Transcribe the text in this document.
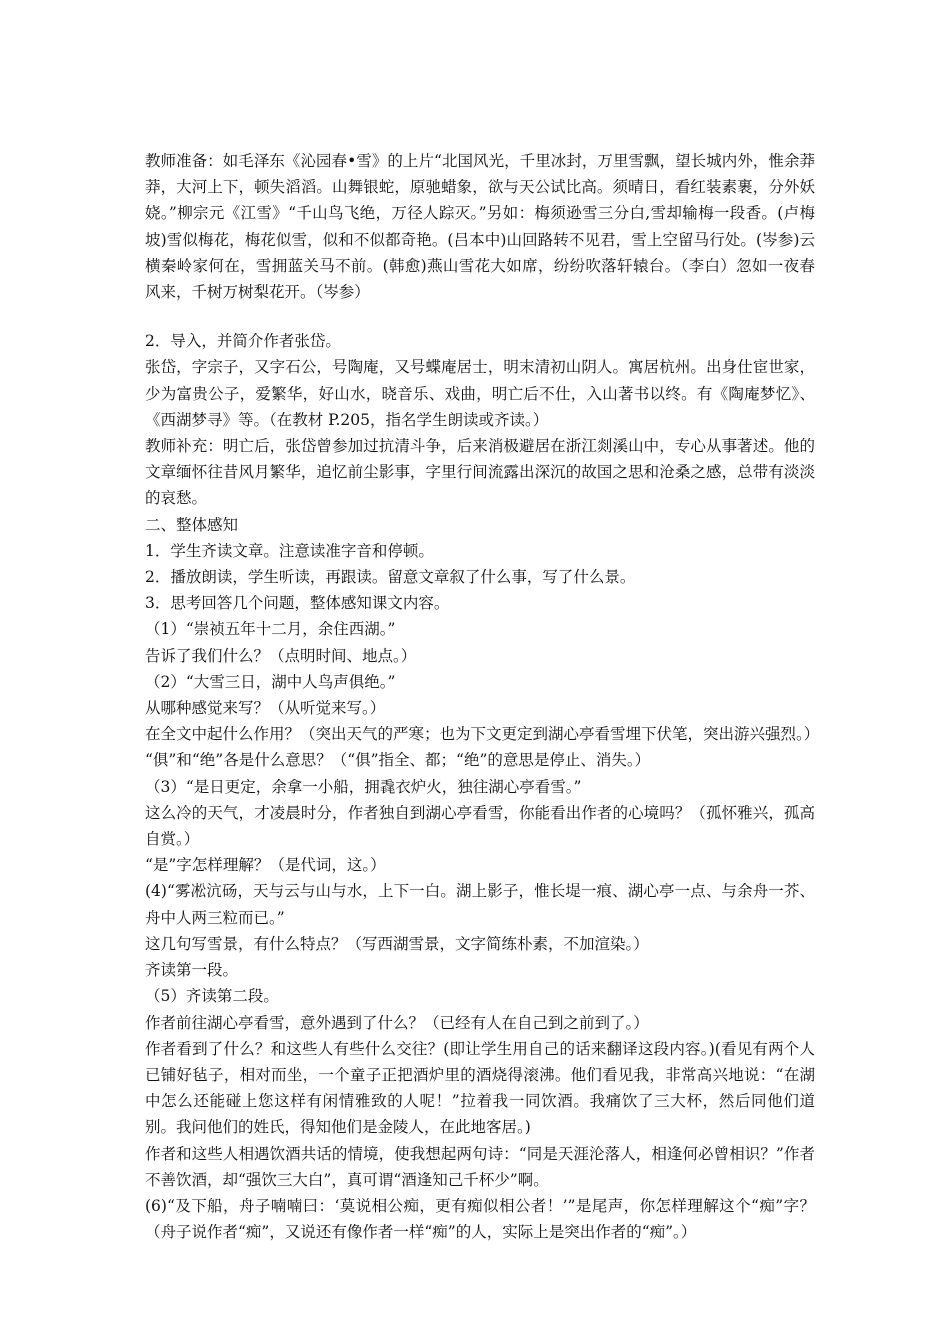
教师准备：如毛泽东《沁园春•雪》的上片“北国风光，千里冰封，万里雪飘，望长城内外，惟余莽莽，大河上下，顿失滔滔。山舞银蛇，原驰蜡象，欲与天公试比高。须晴日，看红装素裹，分外妖娆。”柳宗元《江雪》“千山鸟飞绝，万径人踪灭。”另如：梅须逊雪三分白,雪却输梅一段香。(卢梅坡)雪似梅花，梅花似雪，似和不似都奇艳。(吕本中)山回路转不见君，雪上空留马行处。(岑参)云横秦岭家何在，雪拥蓝关马不前。(韩愈)燕山雪花大如席，纷纷吹落轩辕台。（李白）忽如一夜春风来，千树万树梨花开。（岑参）

2．导入，并简介作者张岱。

张岱，字宗子，又字石公，号陶庵，又号蝶庵居士，明末清初山阴人。寓居杭州。出身仕宦世家，少为富贵公子，爱繁华，好山水，晓音乐、戏曲，明亡后不仕，入山著书以终。有《陶庵梦忆》、《西湖梦寻》等。（在教材 P.205，指名学生朗读或齐读。）

教师补充：明亡后，张岱曾参加过抗清斗争，后来消极避居在浙江剡溪山中，专心从事著述。他的文章缅怀往昔风月繁华，追忆前尘影事，字里行间流露出深沉的故国之思和沧桑之感，总带有淡淡的哀愁。

二、整体感知

1．学生齐读文章。注意读准字音和停顿。

2．播放朗读，学生听读，再跟读。留意文章叙了什么事，写了什么景。

3．思考回答几个问题，整体感知课文内容。

（1）“崇祯五年十二月，余住西湖。”

告诉了我们什么？（点明时间、地点。）

（2）“大雪三日，湖中人鸟声俱绝。”

从哪种感觉来写？（从听觉来写。）

在全文中起什么作用？（突出天气的严寒；也为下文更定到湖心亭看雪埋下伏笔，突出游兴强烈。）

“俱”和“绝”各是什么意思？（“俱”指全、都；“绝”的意思是停止、消失。）

（3）“是日更定，余拿一小船，拥毳衣炉火，独往湖心亭看雪。”

这么冷的天气，才凌晨时分，作者独自到湖心亭看雪，你能看出作者的心境吗？（孤怀雅兴，孤高自赏。）

“是”字怎样理解？（是代词，这。）

(4)“雾凇沆砀，天与云与山与水，上下一白。湖上影子，惟长堤一痕、湖心亭一点、与余舟一芥、舟中人两三粒而已。”

这几句写雪景，有什么特点？（写西湖雪景，文字简练朴素，不加渲染。）

齐读第一段。

（5）齐读第二段。

作者前往湖心亭看雪，意外遇到了什么？（已经有人在自己到之前到了。）

作者看到了什么？和这些人有些什么交往？(即让学生用自己的话来翻译这段内容。)(看见有两个人已铺好毡子，相对而坐，一个童子正把酒炉里的酒烧得滚沸。他们看见我，非常高兴地说：“在湖中怎么还能碰上您这样有闲情雅致的人呢！”拉着我一同饮酒。我痛饮了三大杯，然后同他们道别。我问他们的姓氏，得知他们是金陵人，在此地客居。)

作者和这些人相遇饮酒共话的情境，使我想起两句诗：“同是天涯沦落人，相逢何必曾相识？”作者不善饮酒，却“强饮三大白”，真可谓“酒逢知己千杯少”啊。

(6)“及下船，舟子喃喃曰：‘莫说相公痴，更有痴似相公者！’”是尾声，你怎样理解这个“痴”字？（舟子说作者“痴”，又说还有像作者一样“痴”的人，实际上是突出作者的“痴”。）
